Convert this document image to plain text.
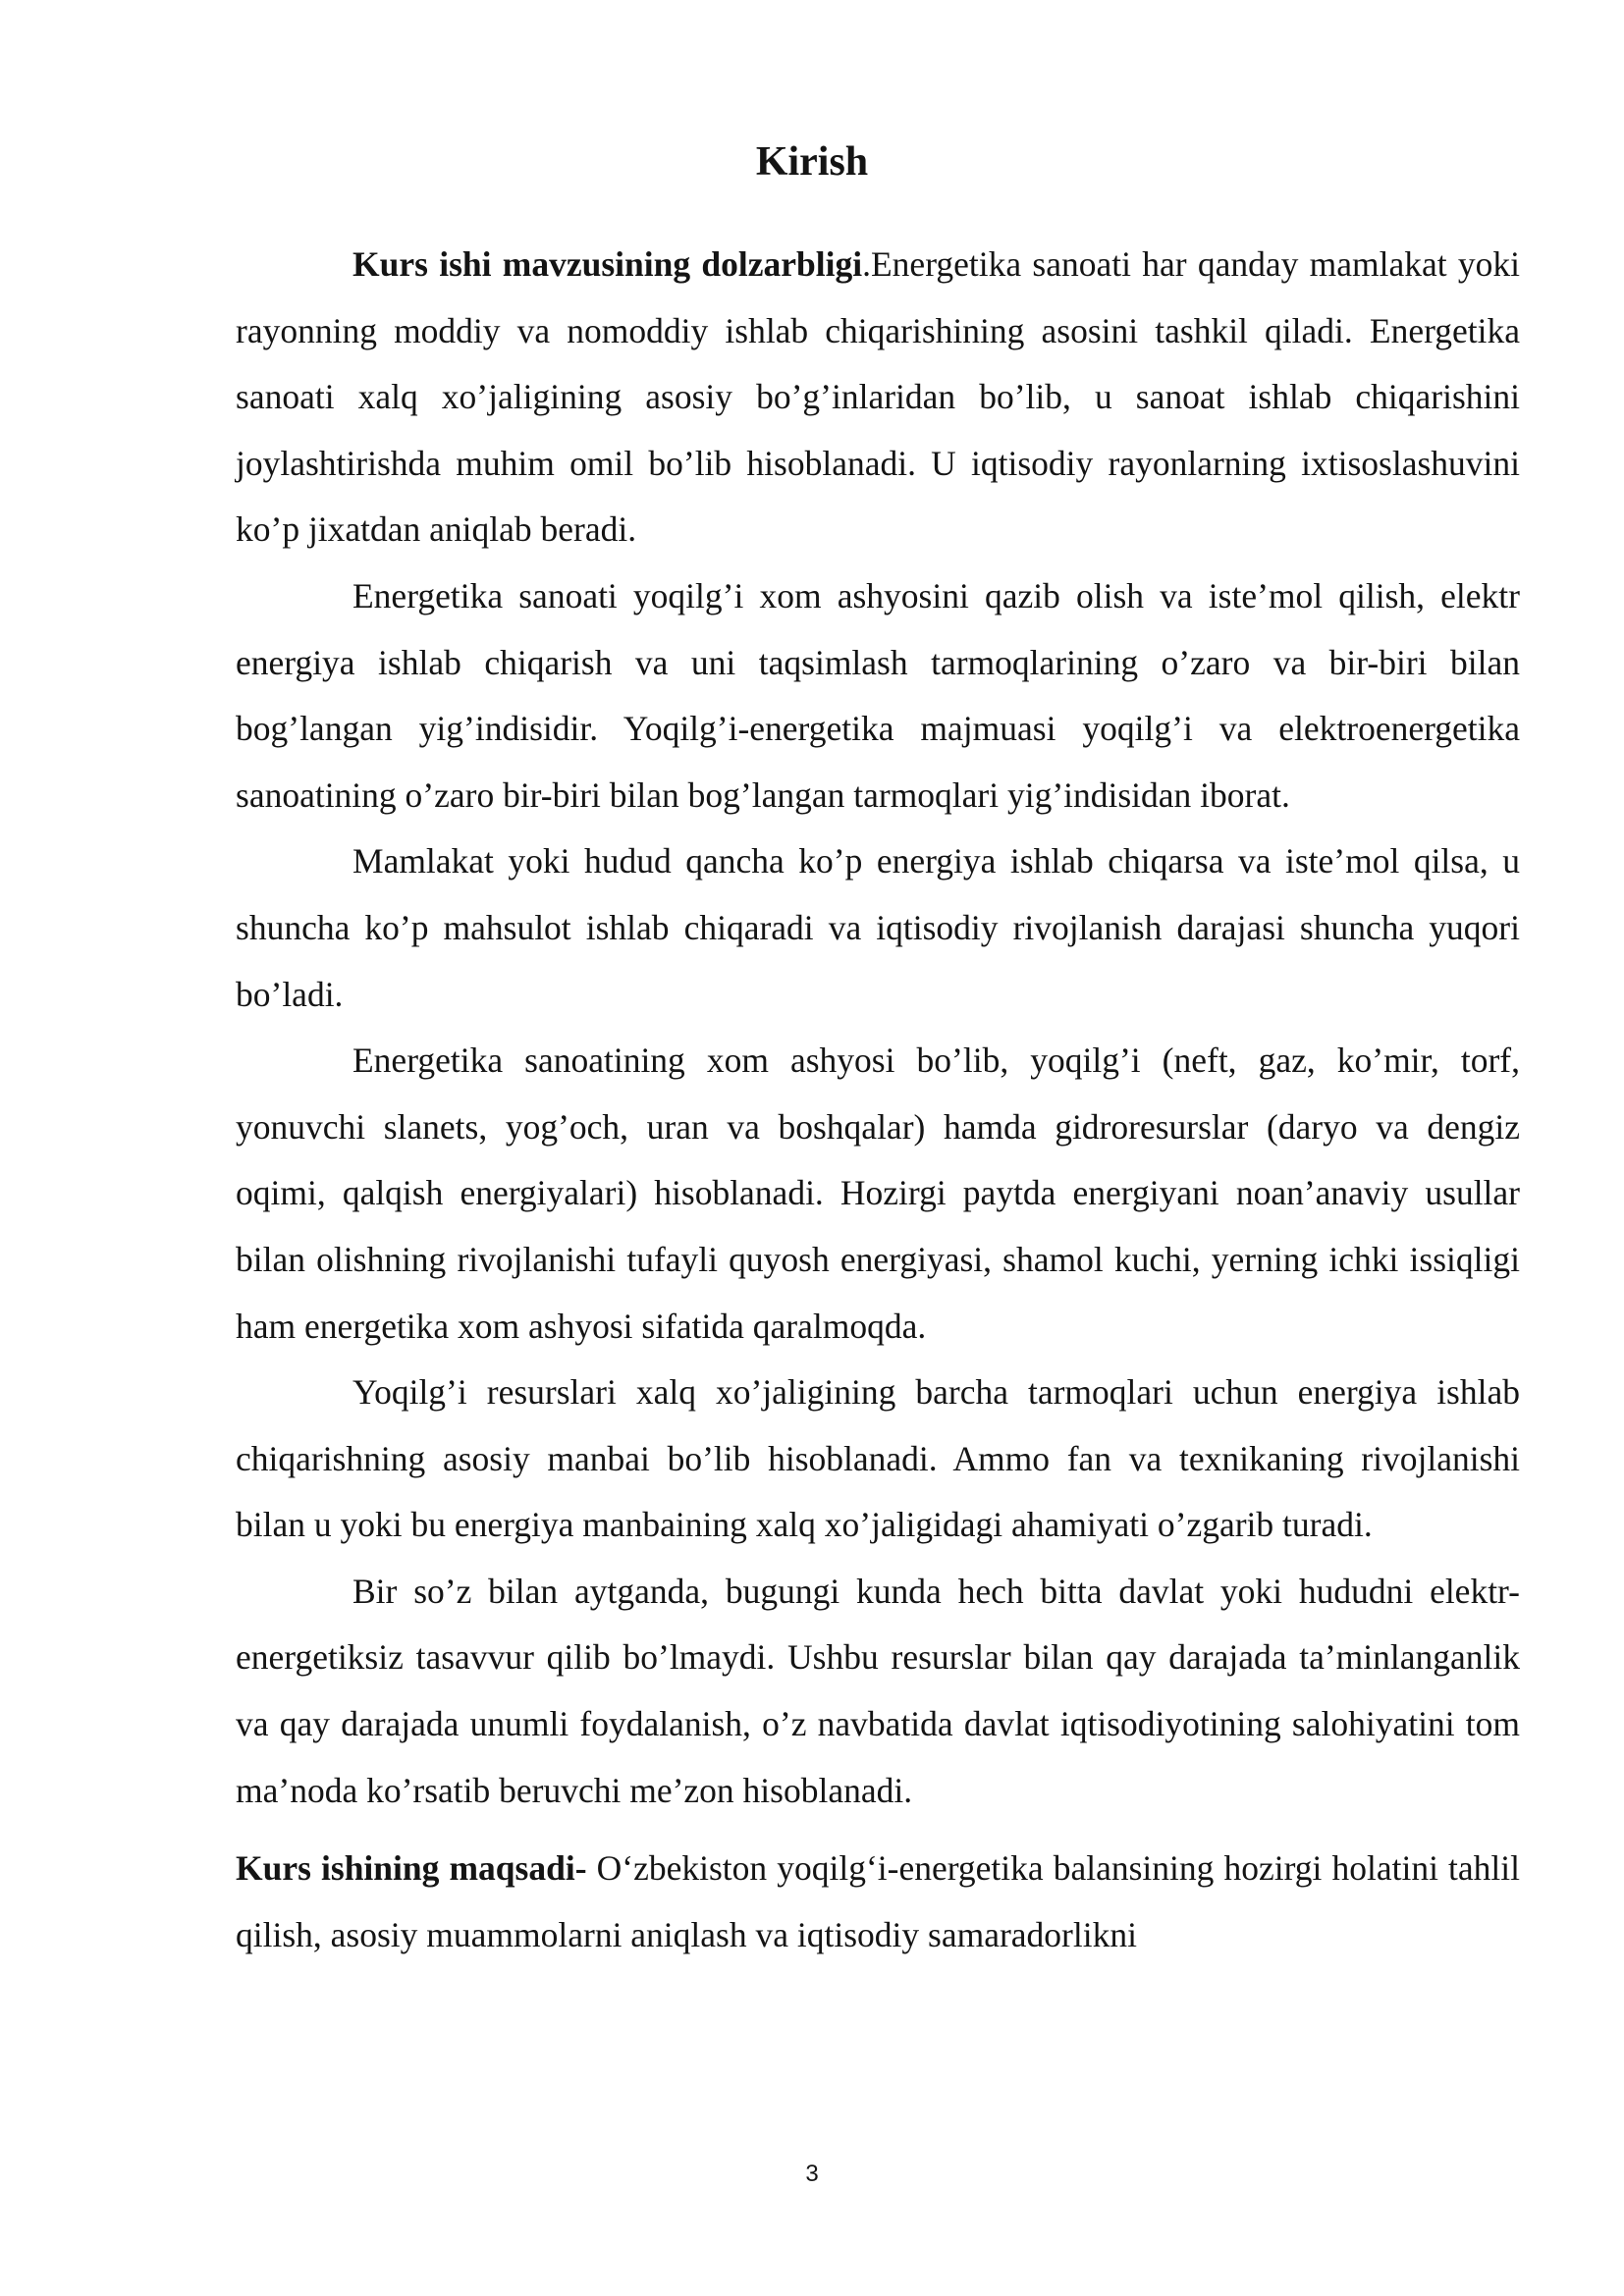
Kirish

Kurs ishi mavzusining dolzarbligi.Energetika sanoati har qanday mamlakat yoki rayonning moddiy va nomoddiy ishlab chiqarishining asosini tashkil qiladi. Energetika sanoati xalq xo’jaligining asosiy bo’g’inlaridan bo’lib, u sanoat ishlab chiqarishini joylashtirishda muhim omil bo’lib hisoblanadi. U iqtisodiy rayonlarning ixtisoslashuvini ko’p jixatdan aniqlab beradi.

Energetika sanoati yoqilg’i xom ashyosini qazib olish va iste’mol qilish, elektr energiya ishlab chiqarish va uni taqsimlash tarmoqlarining o’zaro va bir-biri bilan bog’langan yig’indisidir. Yoqilg’i-energetika majmuasi yoqilg’i va elektroenergetika sanoatining o’zaro bir-biri bilan bog’langan tarmoqlari yig’indisidan iborat.

Mamlakat yoki hudud qancha ko’p energiya ishlab chiqarsa va iste’mol qilsa, u shuncha ko’p mahsulot ishlab chiqaradi va iqtisodiy rivojlanish darajasi shuncha yuqori bo’ladi.

Energetika sanoatining xom ashyosi bo’lib, yoqilg’i (neft, gaz, ko’mir, torf, yonuvchi slanets, yog’och, uran va boshqalar) hamda gidroresurslar (daryo va dengiz oqimi, qalqish energiyalari) hisoblanadi. Hozirgi paytda energiyani noan’anaviy usullar bilan olishning rivojlanishi tufayli quyosh energiyasi, shamol kuchi, yerning ichki issiqligi ham energetika xom ashyosi sifatida qaralmoqda.

Yoqilg’i resurslari xalq xo’jaligining barcha tarmoqlari uchun energiya ishlab chiqarishning asosiy manbai bo’lib hisoblanadi. Ammo fan va texnikaning rivojlanishi bilan u yoki bu energiya manbaining xalq xo’jaligidagi ahamiyati o’zgarib turadi.

Bir so’z bilan aytganda, bugungi kunda hech bitta davlat yoki hududni elektr- energetiksiz tasavvur qilib bo’lmaydi. Ushbu resurslar bilan qay darajada ta’minlanganlik va qay darajada unumli foydalanish, o’z navbatida davlat iqtisodiyotining salohiyatini tom ma’noda ko’rsatib beruvchi me’zon hisoblanadi.

Kurs ishining maqsadi- O‘zbekiston yoqilg‘i-energetika balansining hozirgi holatini tahlil qilish, asosiy muammolarni aniqlash va iqtisodiy samaradorlikni

3
